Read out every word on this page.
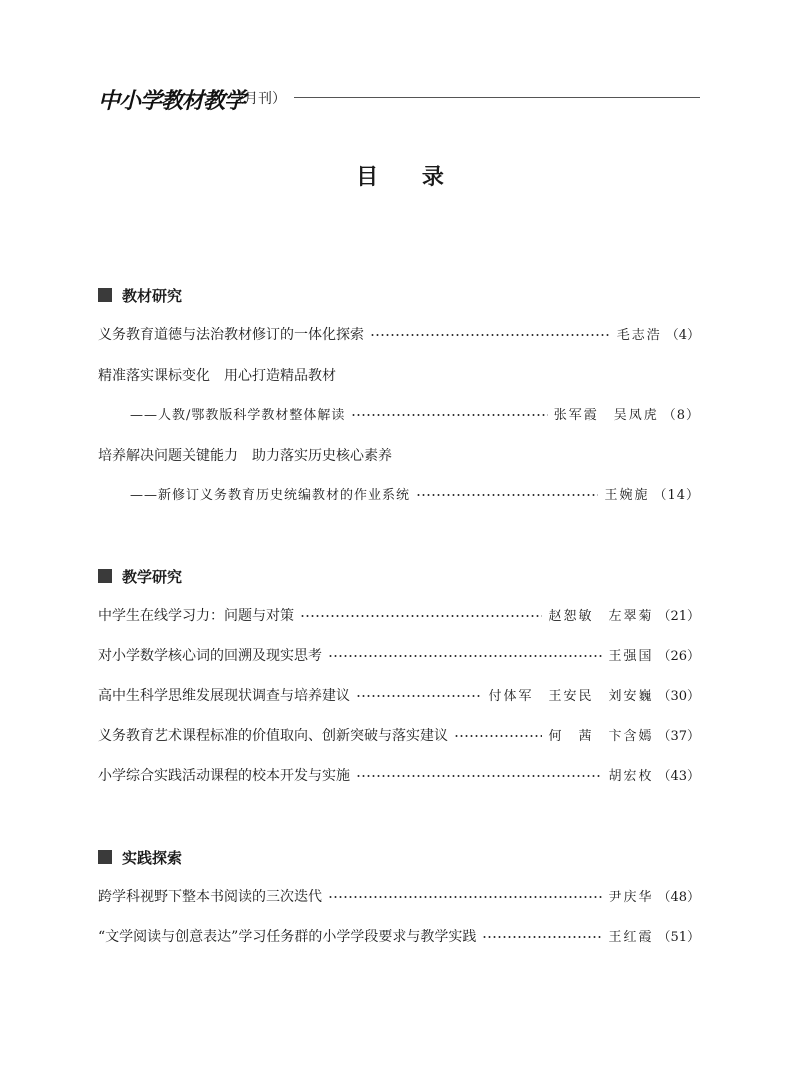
中小学教材教学
（月刊）
目 录
教材研究
义务教育道德与法治教材修订的一体化探索	毛志浩 （4）
精准落实课标变化　用心打造精品教材
——人教/鄂教版科学教材整体解读	张军霞　吴凤虎 （8）
培养解决问题关键能力　助力落实历史核心素养
——新修订义务教育历史统编教材的作业系统	王婉旎 （14）
教学研究
中学生在线学习力：问题与对策	赵恕敏　左翠菊 （21）
对小学数学核心词的回溯及现实思考	王强国 （26）
高中生科学思维发展现状调查与培养建议	付体军　王安民　刘安巍 （30）
义务教育艺术课程标准的价值取向、创新突破与落实建议	何　茜　卞含嫣 （37）
小学综合实践活动课程的校本开发与实施	胡宏枚 （43）
实践探索
跨学科视野下整本书阅读的三次迭代	尹庆华 （48）
“文学阅读与创意表达”学习任务群的小学学段要求与教学实践	王红霞 （51）
